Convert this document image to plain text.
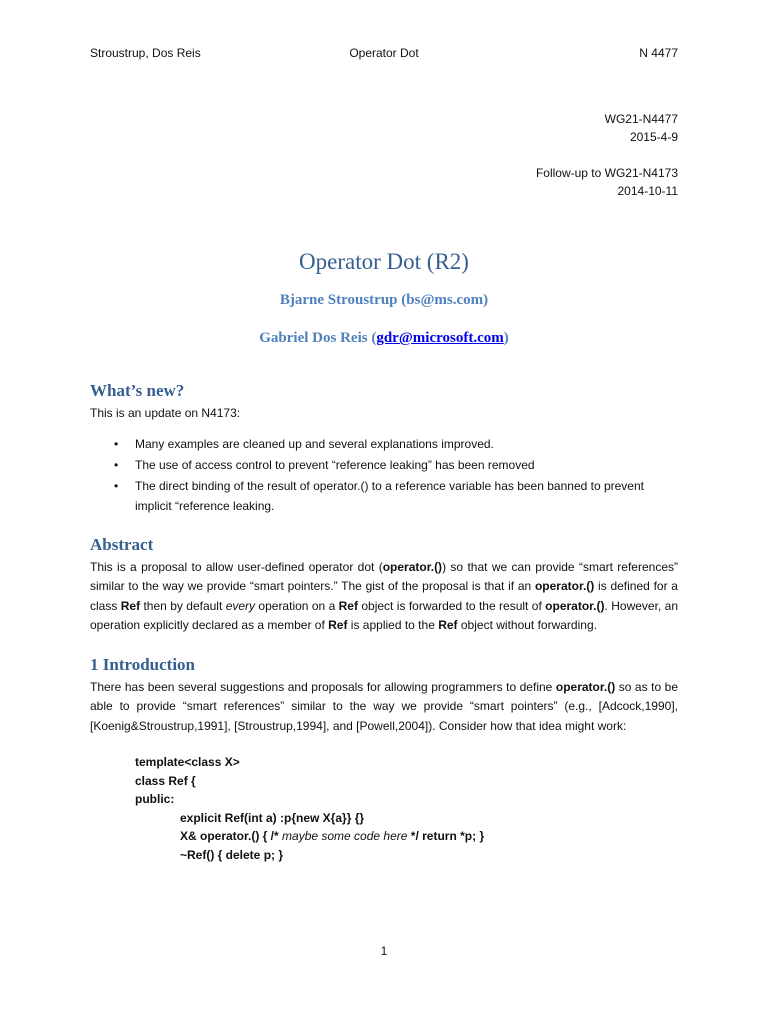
Stroustrup, Dos Reis	Operator Dot	N 4477
WG21-N4477
2015-4-9
Follow-up to WG21-N4173
2014-10-11
Operator Dot (R2)

Bjarne Stroustrup (bs@ms.com)

Gabriel Dos Reis (gdr@microsoft.com)

What’s new?

This is an update on N4173:

• Many examples are cleaned up and several explanations improved.
• The use of access control to prevent “reference leaking” has been removed
• The direct binding of the result of operator.() to a reference variable has been banned to prevent implicit “reference leaking.
Abstract

This is a proposal to allow user-defined operator dot (operator.()) so that we can provide “smart references” similar to the way we provide “smart pointers.” The gist of the proposal is that if an operator.() is defined for a class Ref then by default every operation on a Ref object is forwarded to the result of operator.(). However, an operation explicitly declared as a member of Ref is applied to the Ref object without forwarding.

1 Introduction

There has been several suggestions and proposals for allowing programmers to define operator.() so as to be able to provide “smart references” similar to the way we provide “smart pointers” (e.g., [Adcock,1990], [Koenig&Stroustrup,1991], [Stroustrup,1994], and [Powell,2004]). Consider how that idea might work:

template<class X>
class Ref {
public:
explicit Ref(int a) :p{new X{a}} {}
X& operator.() { /* maybe some code here */ return *p; }
~Ref() { delete p; }
1
